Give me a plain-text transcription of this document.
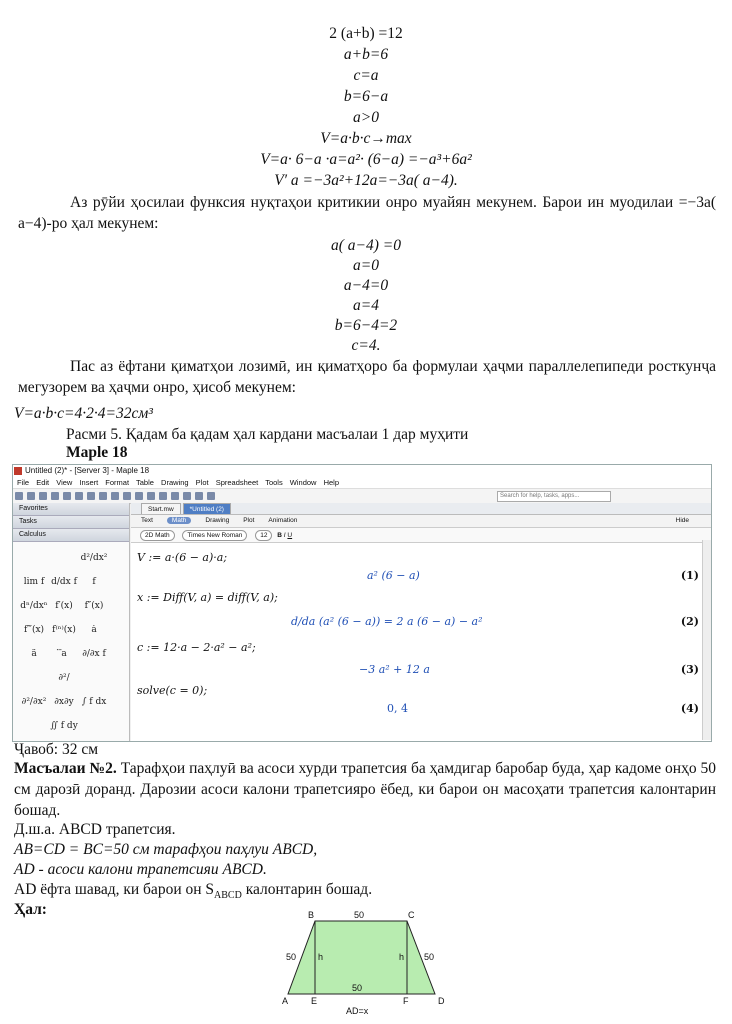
2 (a+b) =12
a+b=6
c=a
b=6−a
a>0
V=a·b·c→max
V=a· 6−a ·a=a²· (6−a) =−a³+6a²
V′ a =−3a²+12a=−3a( a−4).
Аз рӯйи ҳосилаи функсия нуқтаҳои критикии онро муайян мекунем. Барои ин муодилаи =−3a( a−4)-ро ҳал мекунем:
a( a−4) =0
a=0
a−4=0
a=4
b=6−4=2
c=4.
Пас аз ёфтани қиматҳои лозимӣ, ин қиматҳоро ба формулаи ҳаҷми параллелепипеди росткунҷа мегузорем ва ҳаҷми онро, ҳисоб мекунем:
V=a·b·c=4·2·4=32см³
Расми 5. Қадам ба қадам ҳал кардани масъалаи 1 дар муҳити
Maple 18
Untitled (2)* - [Server 3] - Maple 18
File Edit View Insert Format Table Drawing Plot Spreadsheet Tools Window Help
Search for help, tasks, apps...
Favorites
Tasks
Calculus
lim f d/dx fd²/dx² f dⁿ/dxⁿ f′(x) f″(x) f‴(x) f⁽ⁿ⁾(x) ȧ ä	⃛a ∂/∂x f ∂²/∂x²∂²/∂x∂y ∫ f dx ∬ f dy
Start.mw *Untitled (2)
Text	Math	Drawing Plot Animation	Hide
2D Math	Times New Roman	12 B I U
V := a·(6 − a)·a;
a² (6 − a)	(1)
x := Diff(V, a) = diff(V, a);
d/da (a² (6 − a)) = 2 a (6 − a) − a²	(2)
c := 12·a − 2·a² − a²;
−3 a² + 12 a	(3)
solve(c = 0);
0, 4	(4)
Ҷавоб: 32 см
Масъалаи №2. Тарафҳои паҳлуӣ ва асоси хурди трапетсия ба ҳамдигар баробар буда, ҳар кадоме онҳо 50 см дарозӣ доранд. Дарозии асоси калони трапетсияро ёбед, ки барои он масоҳати трапетсия калонтарин бошад.
Д.ш.а. ABCD трапетсия.
AB=CD = BC=50 см тарафҳои паҳлуи ABCD,
AD - асоси калони трапетсияи ABCD.
AD ёфта шавад, ки барои он $S_{ABCD}$ калонтарин бошад.
Ҳал:
A
B	C
D
E	F
h	h
50
50	50
50
AD=x
